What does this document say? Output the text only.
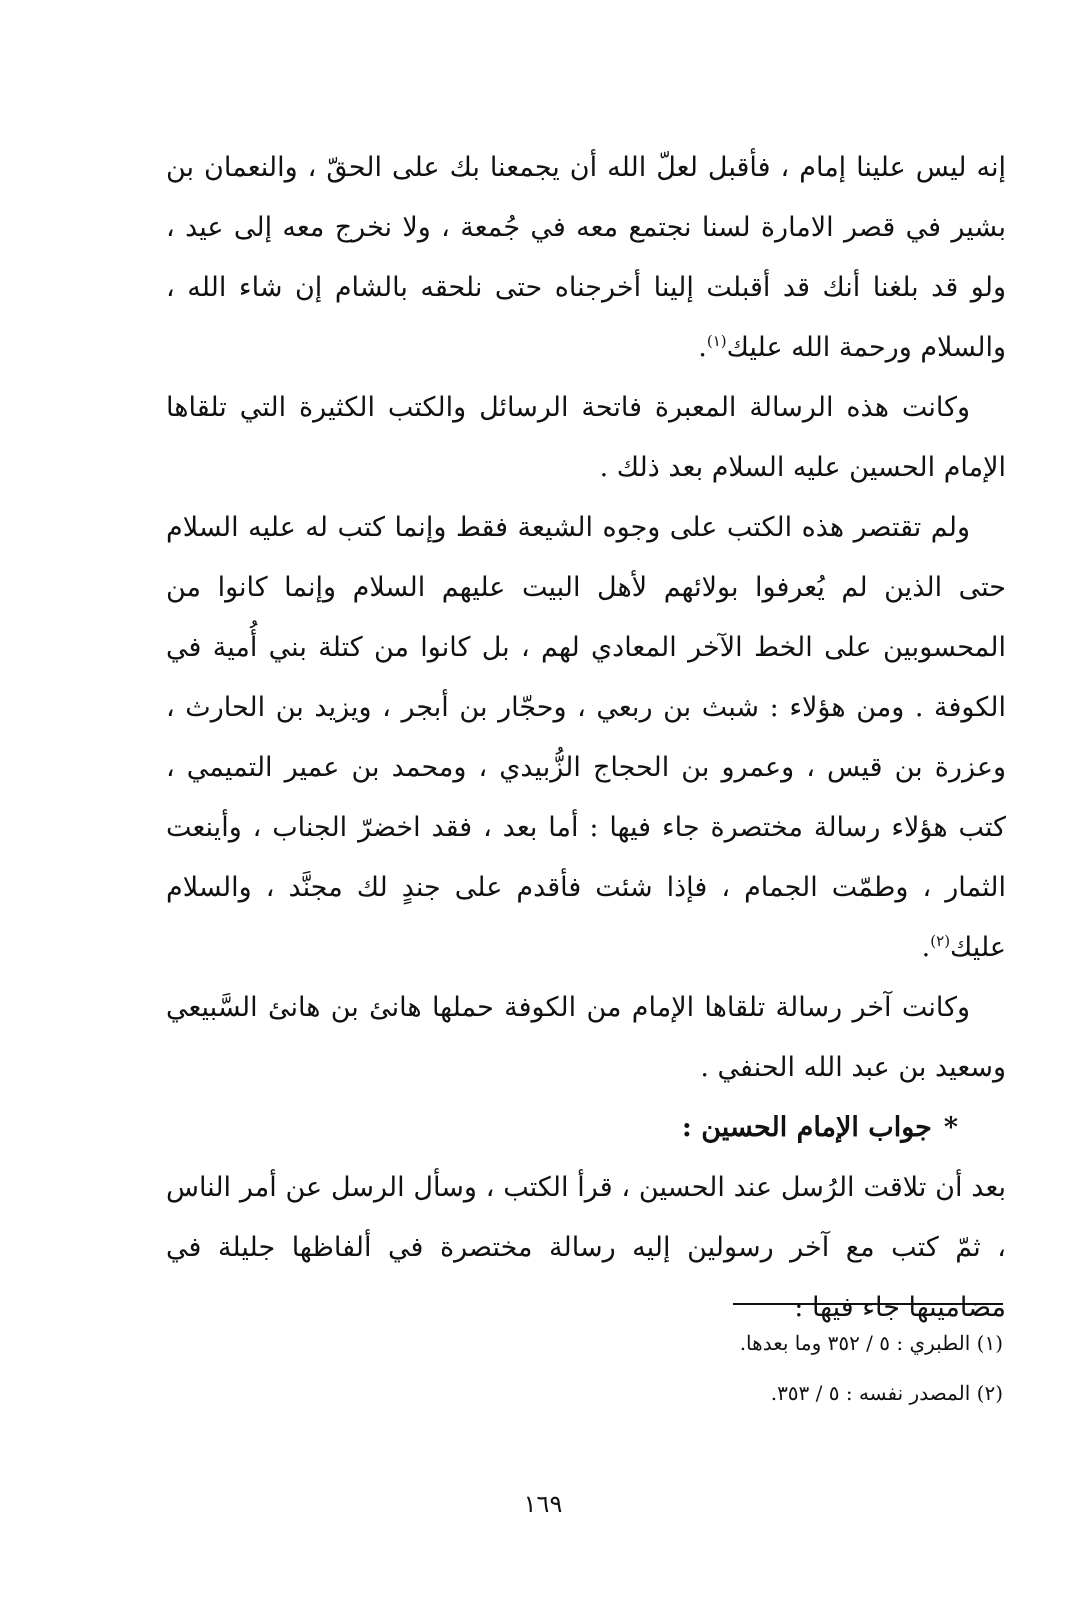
إنه ليس علينا إمام ، فأقبل لعلّ الله أن يجمعنا بك على الحقّ ، والنعمان بن بشير في قصر الامارة لسنا نجتمع معه في جُمعة ، ولا نخرج معه إلى عيد ، ولو قد بلغنا أنك قد أقبلت إلينا أخرجناه حتى نلحقه بالشام إن شاء الله ، والسلام ورحمة الله عليك$^{(١)}$.

وكانت هذه الرسالة المعبرة فاتحة الرسائل والكتب الكثيرة التي تلقاها الإمام الحسين عليه السلام بعد ذلك .

ولم تقتصر هذه الكتب على وجوه الشيعة فقط وإنما كتب له عليه السلام حتى الذين لم يُعرفوا بولائهم لأهل البيت عليهم السلام وإنما كانوا من المحسوبين على الخط الآخر المعادي لهم ، بل كانوا من كتلة بني أُمية في الكوفة . ومن هؤلاء : شبث بن ربعي ، وحجّار بن أبجر ، ويزيد بن الحارث ، وعزرة بن قيس ، وعمرو بن الحجاج الزُّبيدي ، ومحمد بن عمير التميمي ، كتب هؤلاء رسالة مختصرة جاء فيها : أما بعد ، فقد اخضرّ الجناب ، وأينعت الثمار ، وطمّت الجمام ، فإذا شئت فأقدم على جندٍ لك مجنَّد ، والسلام عليك$^{(٢)}$.

وكانت آخر رسالة تلقاها الإمام من الكوفة حملها هانئ بن هانئ السَّبيعي وسعيد بن عبد الله الحنفي .

*جواب الإمام الحسين :

بعد أن تلاقت الرُسل عند الحسين ، قرأ الكتب ، وسأل الرسل عن أمر الناس ، ثمّ كتب مع آخر رسولين إليه رسالة مختصرة في ألفاظها جليلة في مضامينها جاء فيها :

(١) الطبري : ٥ / ٣٥٢ وما بعدها.

(٢) المصدر نفسه : ٥ / ٣٥٣.

١٦٩
